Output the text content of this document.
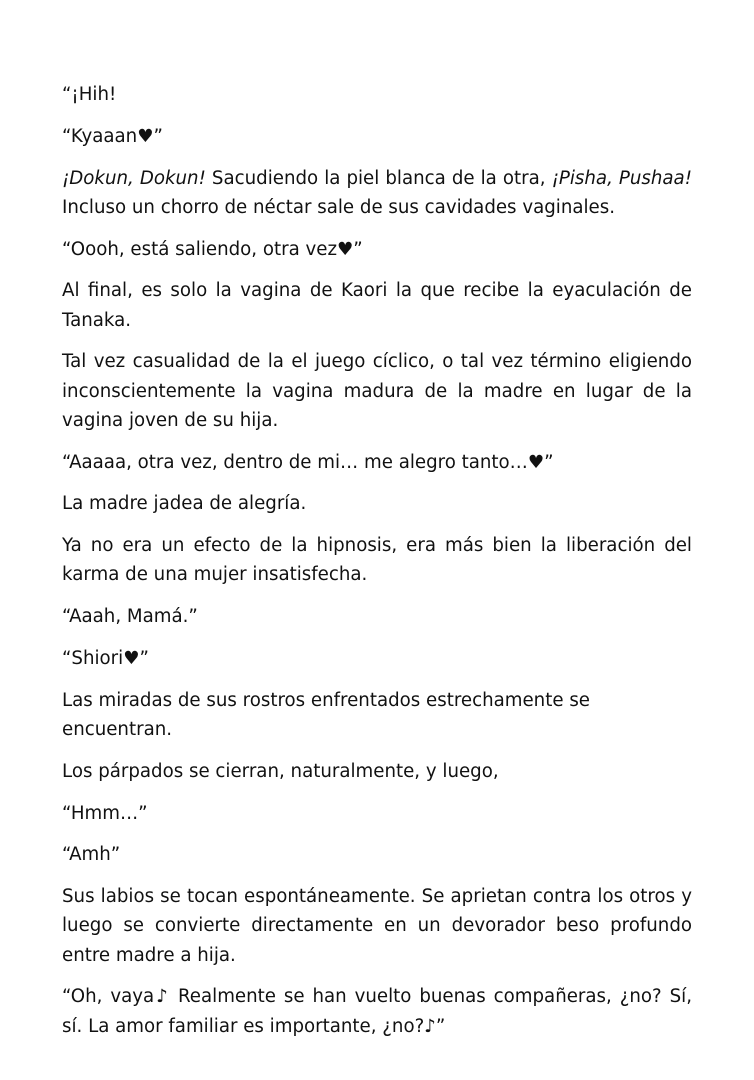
“¡Hih!

“Kyaaan♥”

¡Dokun, Dokun! Sacudiendo la piel blanca de la otra, ¡Pisha, Pushaa! Incluso un chorro de néctar sale de sus cavidades vaginales.

“Oooh, está saliendo, otra vez♥”

Al final, es solo la vagina de Kaori la que recibe la eyaculación de Tanaka.

Tal vez casualidad de la el juego cíclico, o tal vez término eligiendo inconscientemente la vagina madura de la madre en lugar de la vagina joven de su hija.

“Aaaaa, otra vez, dentro de mi… me alegro tanto…♥”

La madre jadea de alegría.

Ya no era un efecto de la hipnosis, era más bien la liberación del karma de una mujer insatisfecha.

“Aaah, Mamá.”

“Shiori♥”

Las miradas de sus rostros enfrentados estrechamente se encuentran.

Los párpados se cierran, naturalmente, y luego,

“Hmm…”

“Amh”

Sus labios se tocan espontáneamente. Se aprietan contra los otros y luego se convierte directamente en un devorador beso profundo entre madre a hija.

“Oh, vaya♪ Realmente se han vuelto buenas compañeras, ¿no? Sí, sí. La amor familiar es importante, ¿no?♪”
